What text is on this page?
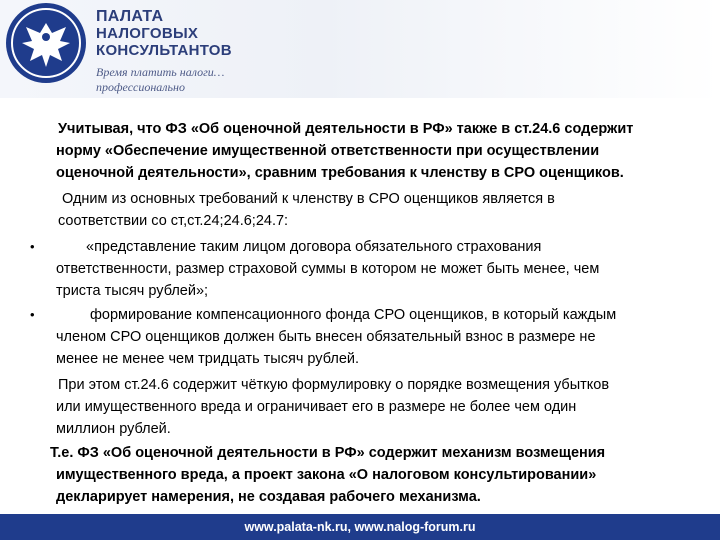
ПАЛАТА
НАЛОГОВЫХ
КОНСУЛЬТАНТОВ
Время платить налоги…
профессионально
Учитывая, что ФЗ «Об оценочной деятельности в РФ» также в ст.24.6 содержит
норму «Обеспечение имущественной ответственности при осуществлении
оценочной деятельности», сравним требования к членству в СРО оценщиков.
Одним из основных требований к членству в СРО оценщиков является в
соответствии со ст,ст.24;24.6;24.7:
•	«представление таким лицом договора обязательного страхования
ответственности, размер страховой суммы в котором не может быть менее, чем
триста тысяч рублей»;
•	формирование компенсационного фонда СРО оценщиков, в который каждым
членом СРО оценщиков должен быть внесен обязательный взнос в размере не
менее не менее чем тридцать тысяч рублей.
При этом ст.24.6 содержит чёткую формулировку о порядке возмещения убытков
или имущественного вреда и ограничивает его в размере не более чем один
миллион рублей.
Т.е. ФЗ «Об оценочной деятельности в РФ» содержит механизм возмещения
имущественного вреда, а проект закона «О налоговом консультировании»
декларирует намерения, не создавая рабочего механизма.
www.palata-nk.ru, www.nalog-forum.ru
